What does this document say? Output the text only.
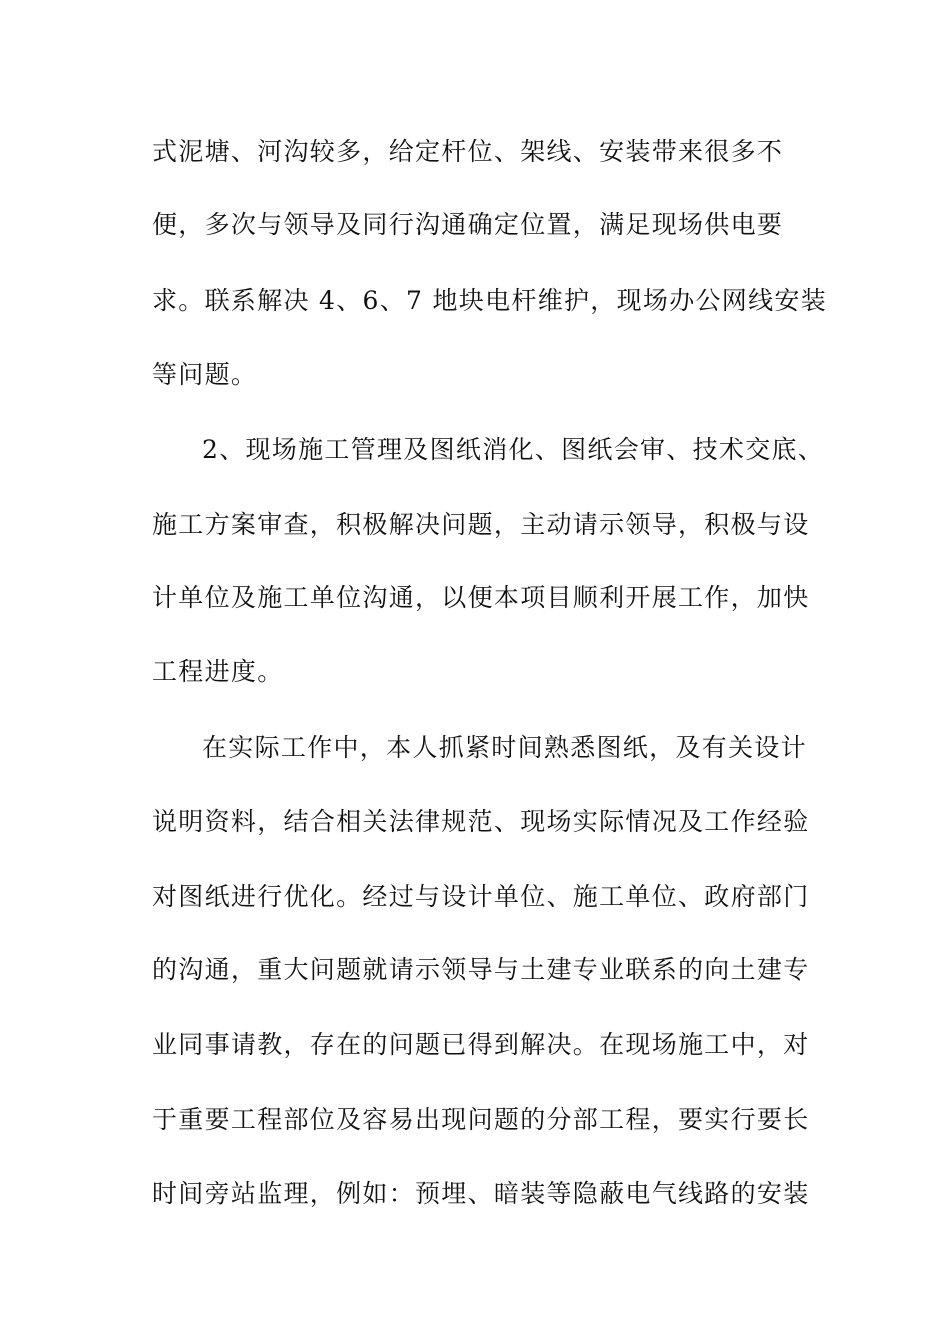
式泥塘、河沟较多，给定杆位、架线、安装带来很多不
便，多次与领导及同行沟通确定位置，满足现场供电要
求。联系解决 4、6、7 地块电杆维护，现场办公网线安装
等问题。
2、现场施工管理及图纸消化、图纸会审、技术交底、
施工方案审查，积极解决问题，主动请示领导，积极与设
计单位及施工单位沟通，以便本项目顺利开展工作，加快
工程进度。
在实际工作中，本人抓紧时间熟悉图纸，及有关设计
说明资料，结合相关法律规范、现场实际情况及工作经验
对图纸进行优化。经过与设计单位、施工单位、政府部门
的沟通，重大问题就请示领导与土建专业联系的向土建专
业同事请教，存在的问题已得到解决。在现场施工中，对
于重要工程部位及容易出现问题的分部工程，要实行要长
时间旁站监理，例如：预埋、暗装等隐蔽电气线路的安装
